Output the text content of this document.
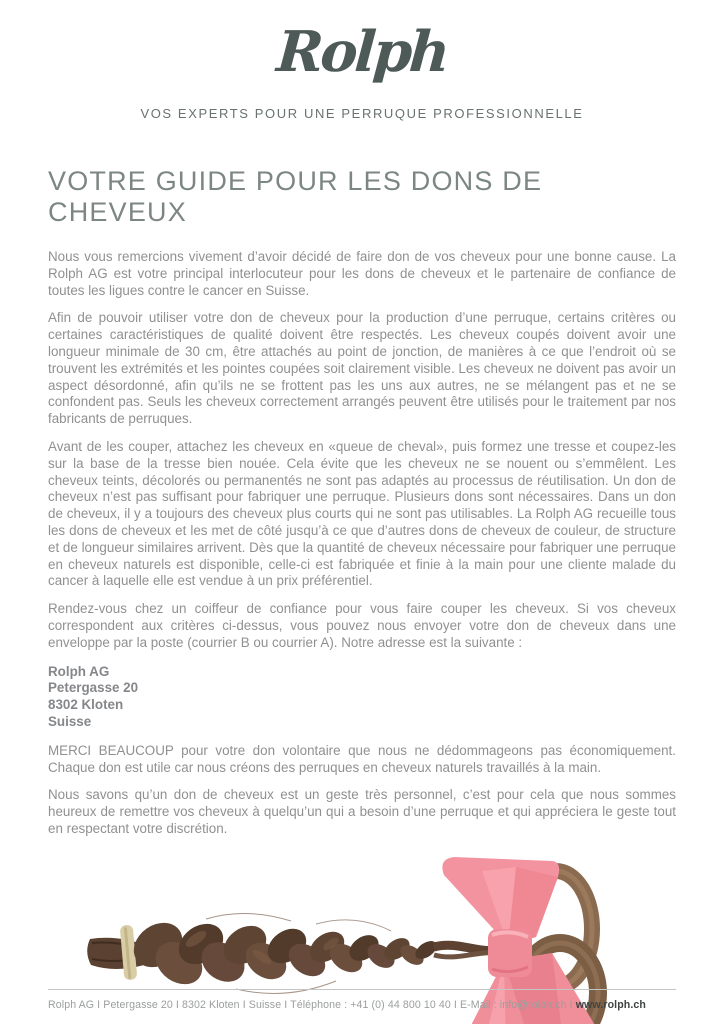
Rolph
VOS EXPERTS POUR UNE PERRUQUE PROFESSIONNELLE
VOTRE GUIDE POUR LES DONS DE CHEVEUX

Nous vous remercions vivement d’avoir décidé de faire don de vos cheveux pour une bonne cause. La Rolph AG est votre principal interlocuteur pour les dons de cheveux et le partenaire de confiance de toutes les ligues contre le cancer en Suisse.

Afin de pouvoir utiliser votre don de cheveux pour la production d’une perruque, certains critères ou certaines caractéristiques de qualité doivent être respectés. Les cheveux coupés doivent avoir une longueur minimale de 30 cm, être attachés au point de jonction, de manières à ce que l’endroit où se trouvent les extrémités et les pointes coupées soit clairement visible. Les cheveux ne doivent pas avoir un aspect désordonné, afin qu’ils ne se frottent pas les uns aux autres, ne se mélangent pas et ne se confondent pas. Seuls les cheveux correctement arrangés peuvent être utilisés pour le traitement par nos fabricants de perruques.

Avant de les couper, attachez les cheveux en «queue de cheval», puis formez une tresse et coupez-les sur la base de la tresse bien nouée. Cela évite que les cheveux ne se nouent ou s’emmêlent. Les cheveux teints, décolorés ou permanentés ne sont pas adaptés au processus de réutilisation. Un don de cheveux n’est pas suffisant pour fabriquer une perruque. Plusieurs dons sont nécessaires. Dans un don de cheveux, il y a toujours des cheveux plus courts qui ne sont pas utilisables. La Rolph AG recueille tous les dons de cheveux et les met de côté jusqu’à ce que d’autres dons de cheveux de couleur, de structure et de longueur similaires arrivent. Dès que la quantité de cheveux nécessaire pour fabriquer une perruque en cheveux naturels est disponible, celle-ci est fabriquée et finie à la main pour une cliente malade du cancer à laquelle elle est vendue à un prix préférentiel.

Rendez-vous chez un coiffeur de confiance pour vous faire couper les cheveux. Si vos cheveux correspondent aux critères ci-dessus, vous pouvez nous envoyer votre don de cheveux dans une enveloppe par la poste (courrier B ou courrier A). Notre adresse est la suivante :

Rolph AG
Petergasse 20
8302 Kloten
Suisse

MERCI BEAUCOUP pour votre don volontaire que nous ne dédommageons pas économiquement. Chaque don est utile car nous créons des perruques en cheveux naturels travaillés à la main.

Nous savons qu’un don de cheveux est un geste très personnel, c’est pour cela que nous sommes heureux de remettre vos cheveux à quelqu’un qui a besoin d’une perruque et qui appréciera le geste tout en respectant votre discrétion.

Rolph AG I Petergasse 20 I 8302 Kloten I Suisse I Téléphone : +41 (0) 44 800 10 40 I E-Mail : info@rolph.ch I www.rolph.ch
